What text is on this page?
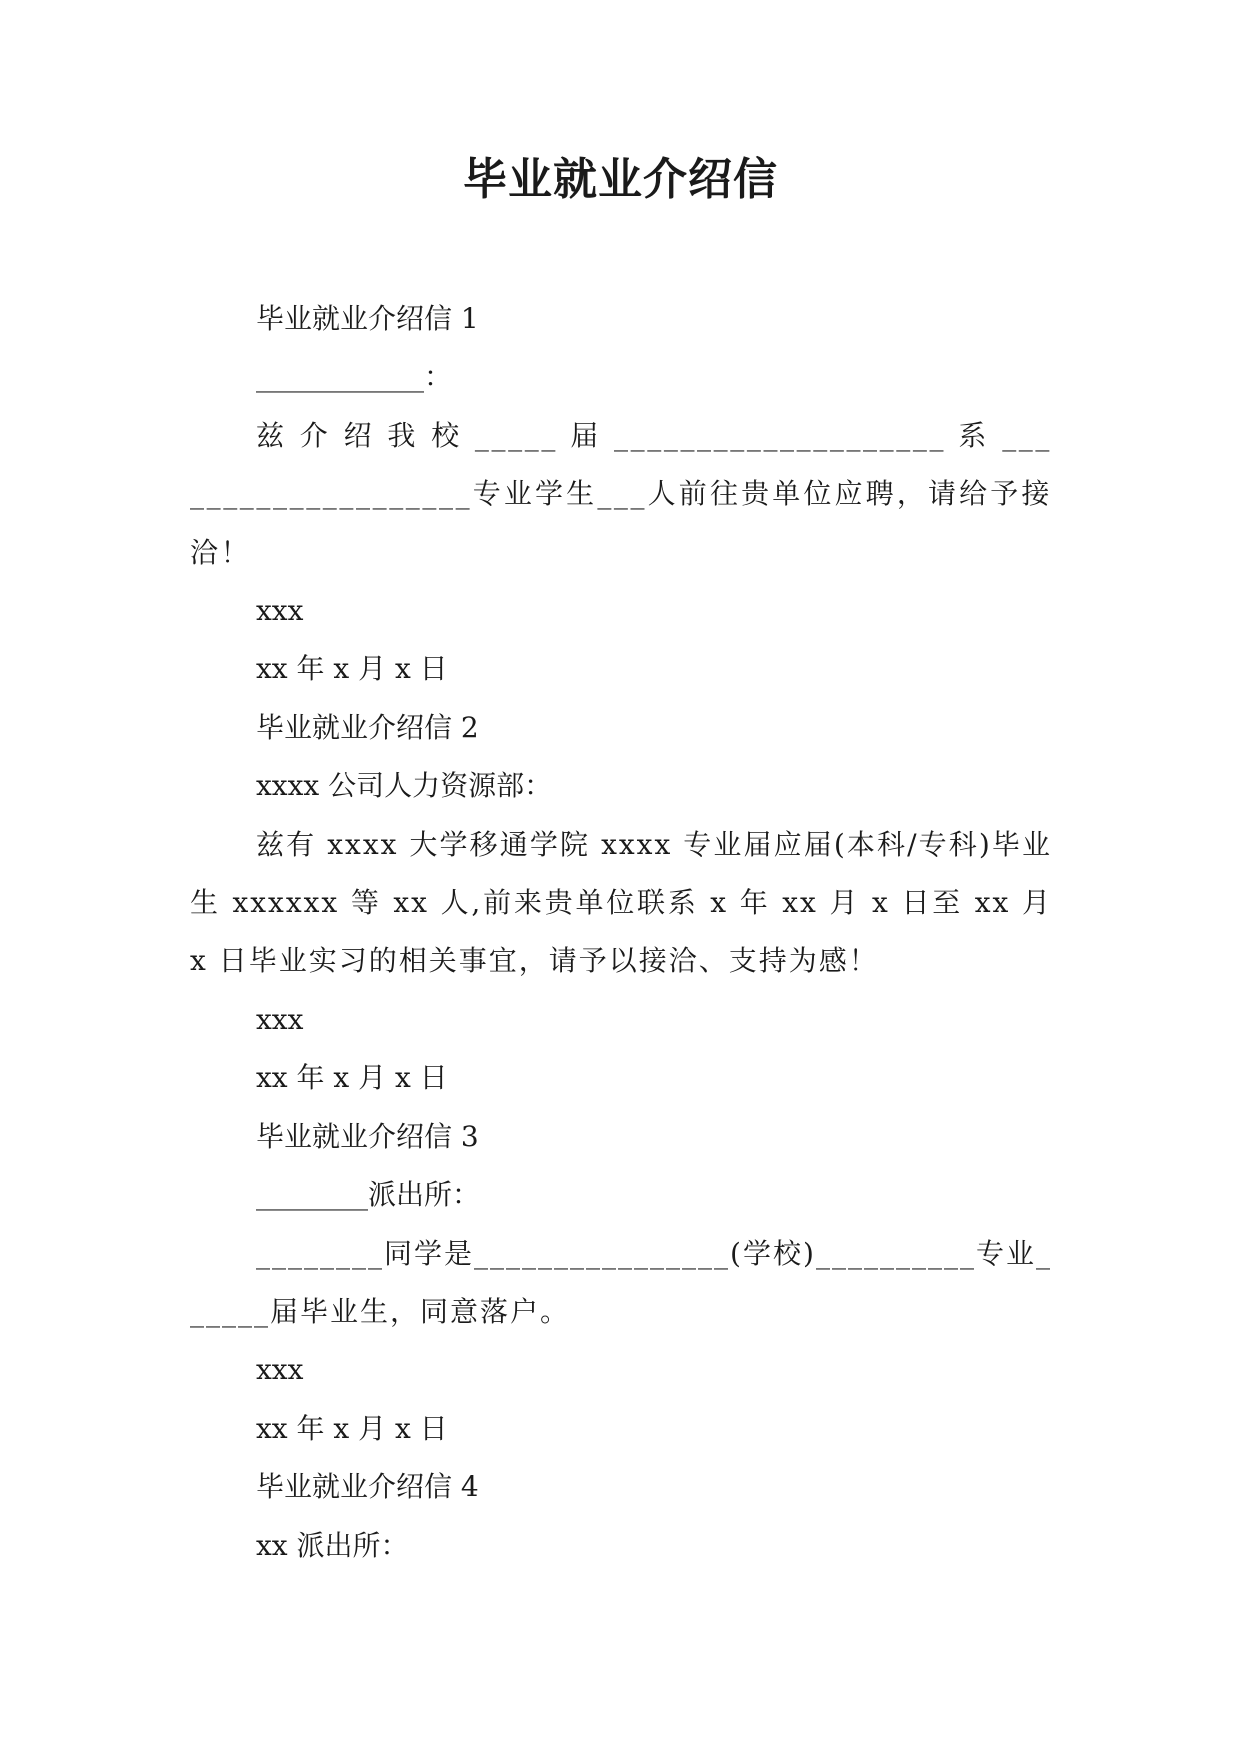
毕业就业介绍信

毕业就业介绍信 1

____________：

兹 介 绍 我 校 _____ 届 ____________________ 系 ____________________专业学生___人前往贵单位应聘，请给予接洽！

xxx

xx 年 x 月 x 日

毕业就业介绍信 2

xxxx 公司人力资源部：

兹有 xxxx 大学移通学院 xxxx 专业届应届(本科/专科)毕业生 xxxxxx 等 xx 人,前来贵单位联系 x 年 xx 月 x 日至 xx 月 x 日毕业实习的相关事宜，请予以接洽、支持为感！

xxx

xx 年 x 月 x 日

毕业就业介绍信 3

________派出所：

________同学是________________(学校)__________专业______届毕业生，同意落户。

xxx

xx 年 x 月 x 日

毕业就业介绍信 4

xx 派出所：
